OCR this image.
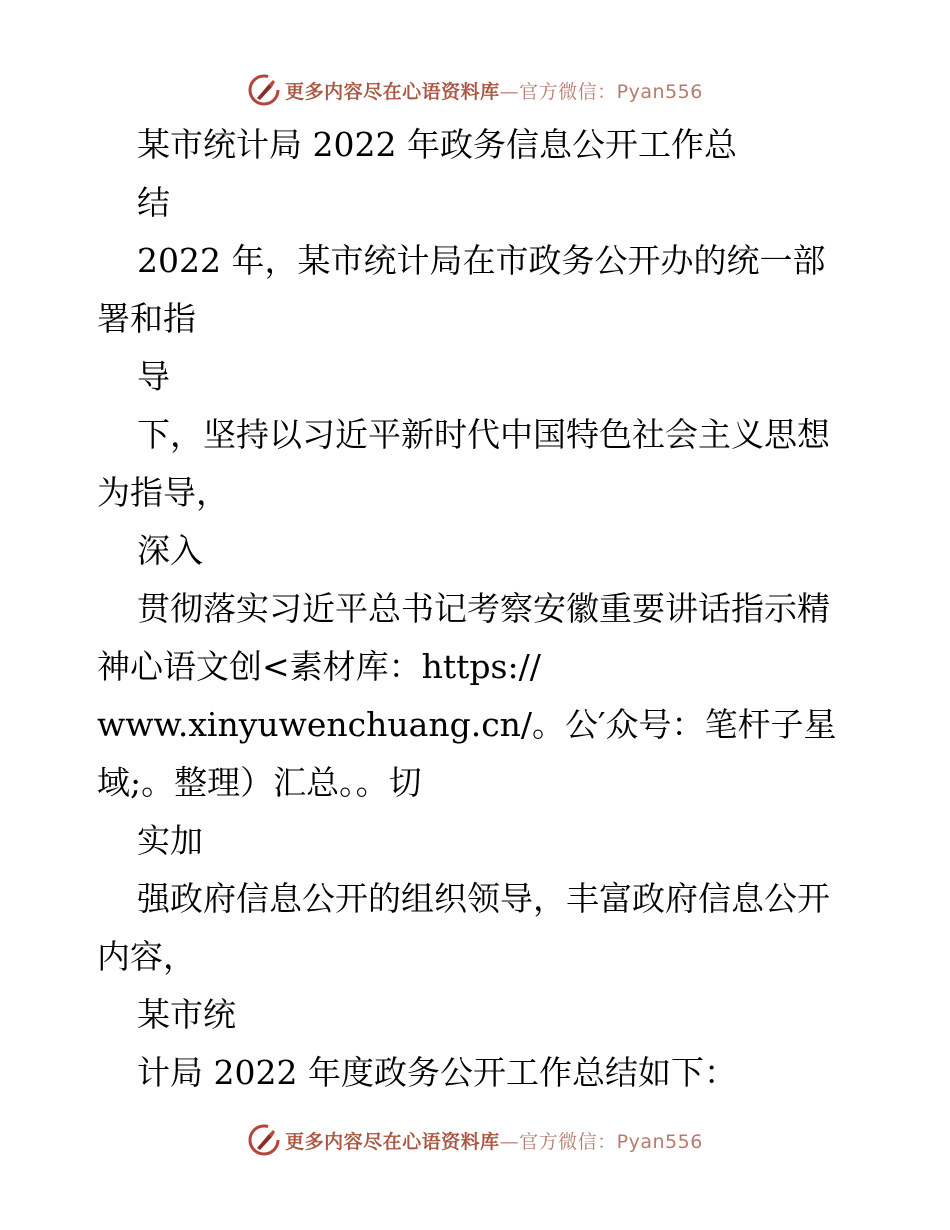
更多内容尽在心语资料库—官方微信：Pyan556
某市统计局 2022 年政务信息公开工作总
结
2022 年，某市统计局在市政务公开办的统一部
署和指
导
下，坚持以习近平新时代中国特色社会主义思想
为指导，
深入
贯彻落实习近平总书记考察安徽重要讲话指示精
神心语文创<素材库：https://
www.xinyuwenchuang.cn/。公′众号：笔杆子星
域;。整理）汇总。。切
实加
强政府信息公开的组织领导，丰富政府信息公开
内容，
某市统
计局 2022 年度政务公开工作总结如下：
更多内容尽在心语资料库—官方微信：Pyan556
